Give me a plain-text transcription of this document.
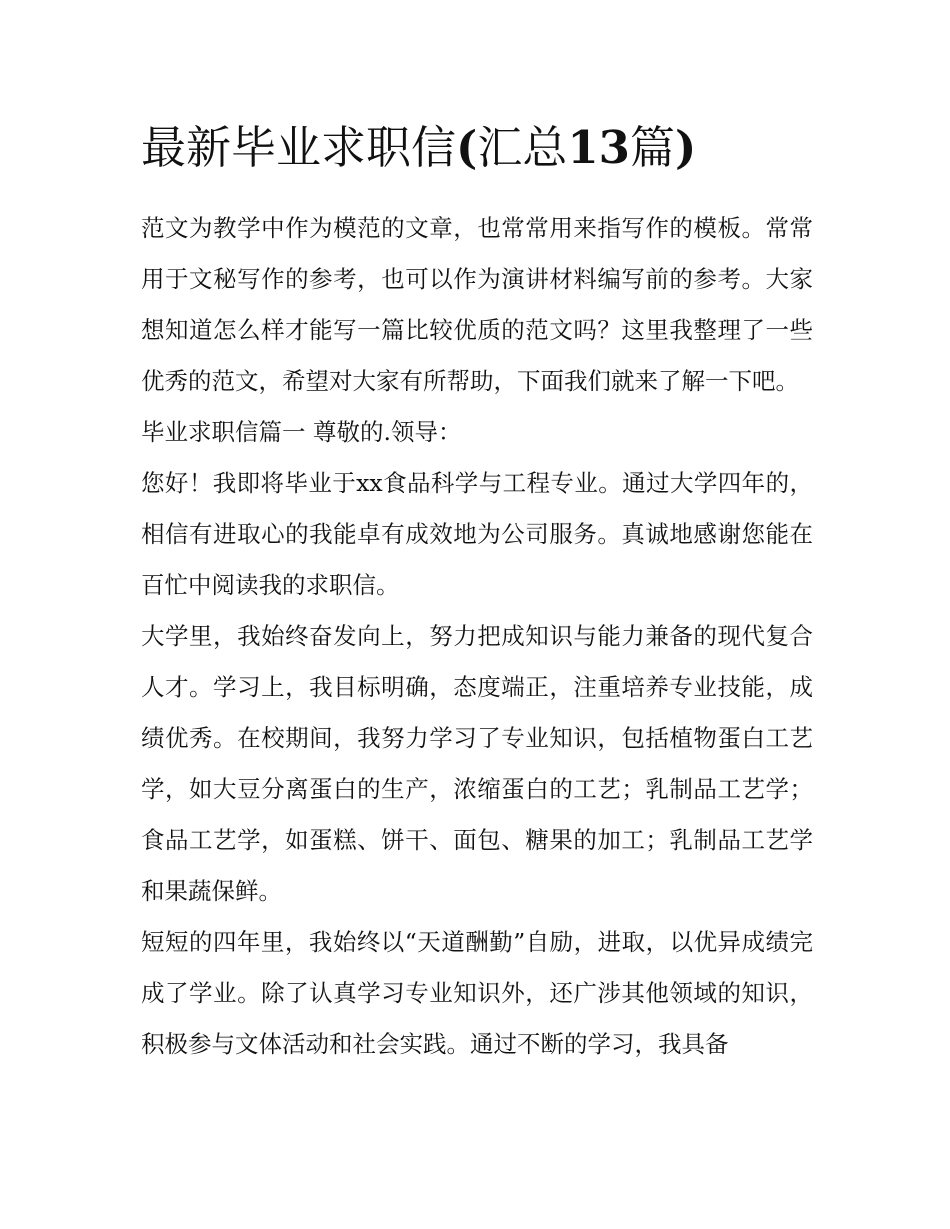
最新毕业求职信(汇总13篇)

范文为教学中作为模范的文章，也常常用来指写作的模板。常常用于文秘写作的参考，也可以作为演讲材料编写前的参考。大家想知道怎么样才能写一篇比较优质的范文吗？这里我整理了一些优秀的范文，希望对大家有所帮助，下面我们就来了解一下吧。

毕业求职信篇一 尊敬的.领导：

您好！我即将毕业于xx食品科学与工程专业。通过大学四年的，相信有进取心的我能卓有成效地为公司服务。真诚地感谢您能在百忙中阅读我的求职信。

大学里，我始终奋发向上，努力把成知识与能力兼备的现代复合人才。学习上，我目标明确，态度端正，注重培养专业技能，成绩优秀。在校期间，我努力学习了专业知识，包括植物蛋白工艺学，如大豆分离蛋白的生产，浓缩蛋白的工艺；乳制品工艺学；食品工艺学，如蛋糕、饼干、面包、糖果的加工；乳制品工艺学和果蔬保鲜。

短短的四年里，我始终以“天道酬勤”自励，进取，以优异成绩完成了学业。除了认真学习专业知识外，还广涉其他领域的知识，积极参与文体活动和社会实践。通过不断的学习，我具备
